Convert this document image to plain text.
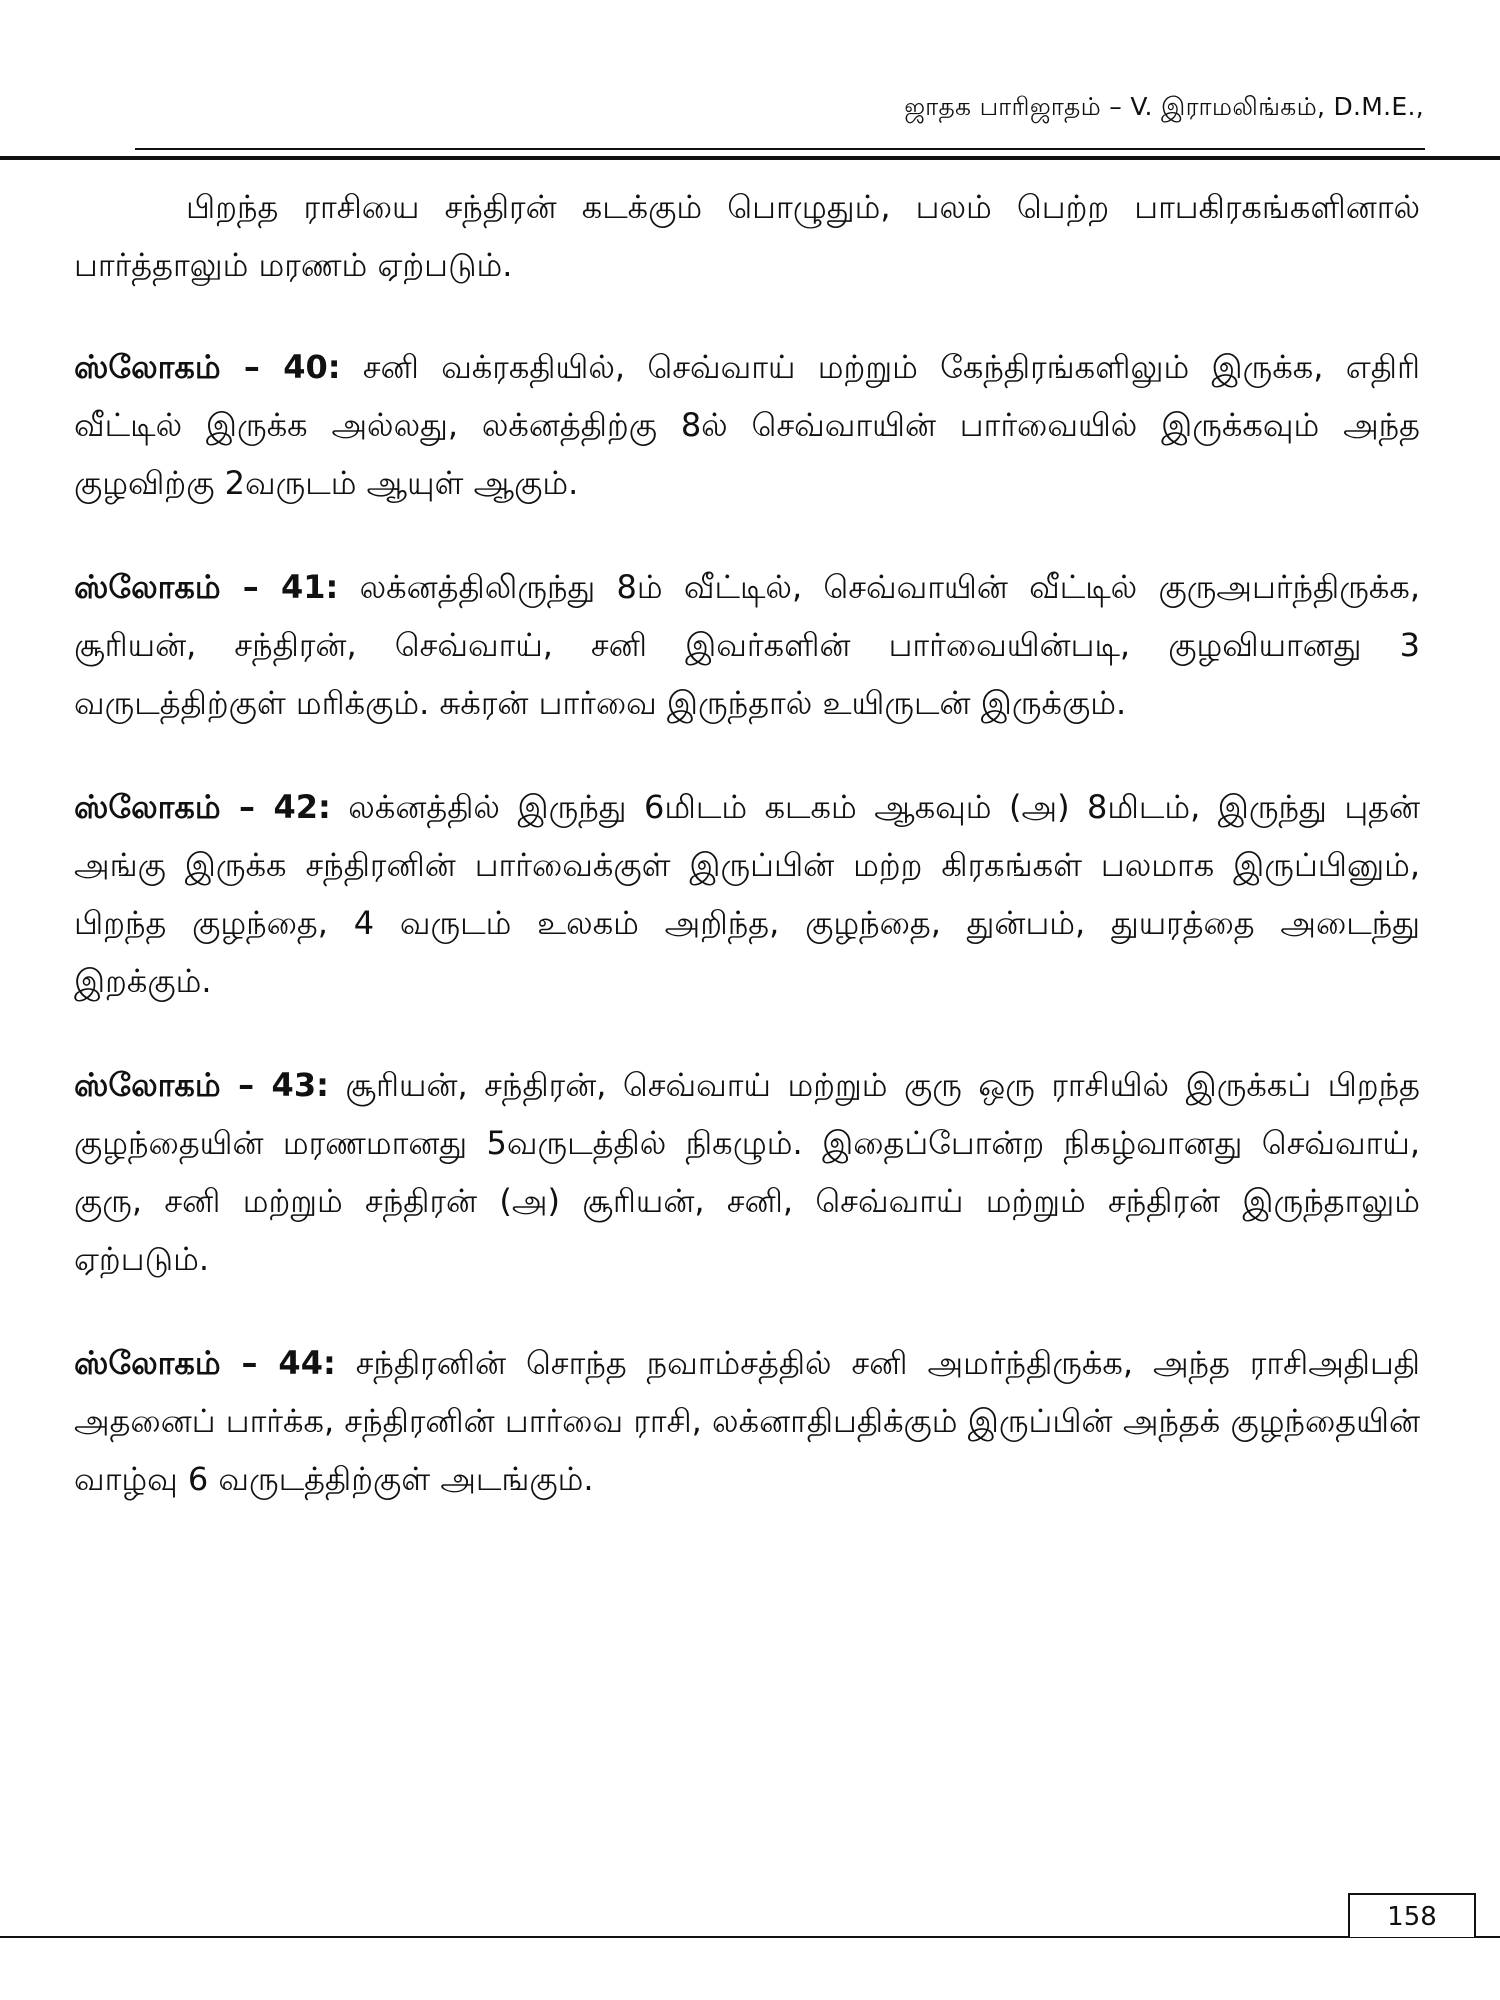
ஜாதக பாரிஜாதம் – V. இராமலிங்கம், D.M.E.,

பிறந்த ராசியை சந்திரன் கடக்கும் பொழுதும், பலம் பெற்ற பாபகிரகங்களினால் பார்த்தாலும் மரணம் ஏற்படும்.

ஸ்லோகம் – 40: சனி வக்ரகதியில், செவ்வாய் மற்றும் கேந்திரங்களிலும் இருக்க, எதிரி வீட்டில் இருக்க அல்லது, லக்னத்திற்கு 8ல் செவ்வாயின் பார்வையில் இருக்கவும் அந்த குழவிற்கு 2வருடம் ஆயுள் ஆகும்.

ஸ்லோகம் – 41: லக்னத்திலிருந்து 8ம் வீட்டில், செவ்வாயின் வீட்டில் குருஅபர்ந்திருக்க, சூரியன், சந்திரன், செவ்வாய், சனி இவர்களின் பார்வையின்படி, குழவியானது 3 வருடத்திற்குள் மரிக்கும். சுக்ரன் பார்வை இருந்தால் உயிருடன் இருக்கும்.

ஸ்லோகம் – 42: லக்னத்தில் இருந்து 6மிடம் கடகம் ஆகவும் (அ) 8மிடம், இருந்து புதன் அங்கு இருக்க சந்திரனின் பார்வைக்குள் இருப்பின் மற்ற கிரகங்கள் பலமாக இருப்பினும், பிறந்த குழந்தை, 4 வருடம் உலகம் அறிந்த, குழந்தை, துன்பம், துயரத்தை அடைந்து இறக்கும்.

ஸ்லோகம் – 43: சூரியன், சந்திரன், செவ்வாய் மற்றும் குரு ஒரு ராசியில் இருக்கப் பிறந்த குழந்தையின் மரணமானது 5வருடத்தில் நிகழும். இதைப்போன்ற நிகழ்வானது செவ்வாய், குரு, சனி மற்றும் சந்திரன் (அ) சூரியன், சனி, செவ்வாய் மற்றும் சந்திரன் இருந்தாலும் ஏற்படும்.

ஸ்லோகம் – 44: சந்திரனின் சொந்த நவாம்சத்தில் சனி அமர்ந்திருக்க, அந்த ராசிஅதிபதி அதனைப் பார்க்க, சந்திரனின் பார்வை ராசி, லக்னாதிபதிக்கும் இருப்பின் அந்தக் குழந்தையின் வாழ்வு 6 வருடத்திற்குள் அடங்கும்.

158
